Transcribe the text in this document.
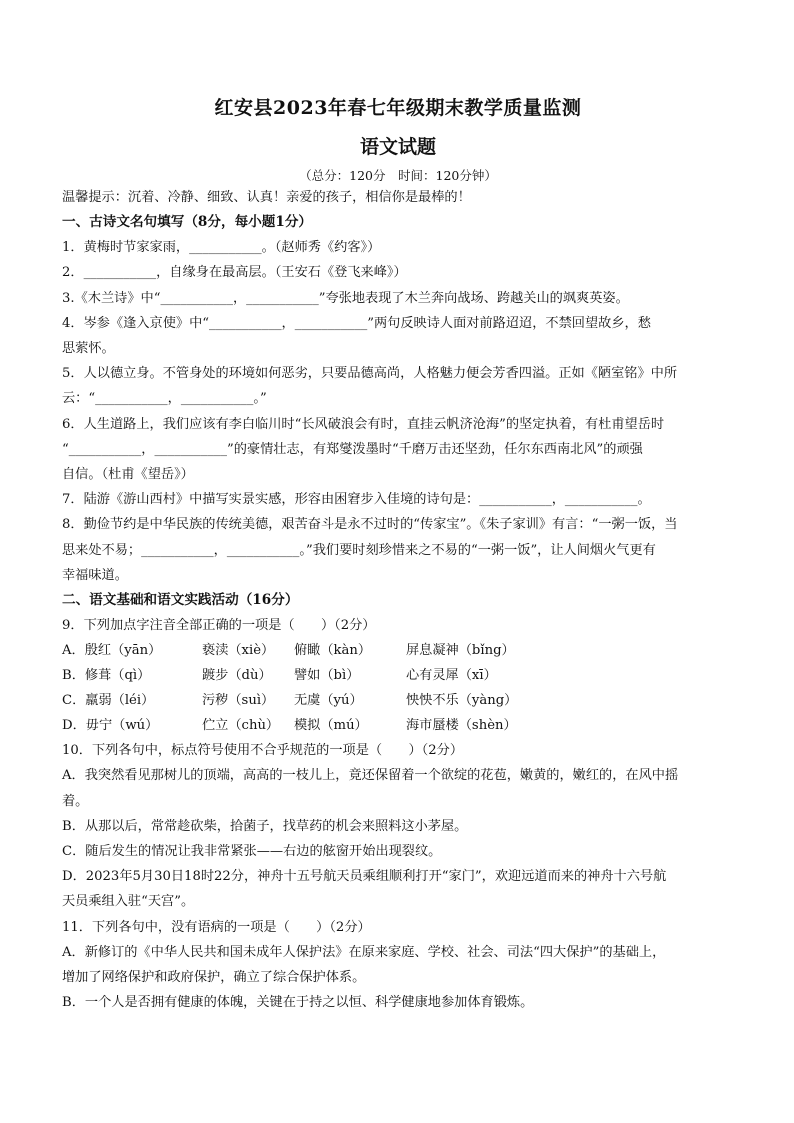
红安县2023年春七年级期末教学质量监测
语文试题
（总分：120分　时间：120分钟）
温馨提示：沉着、冷静、细致、认真！亲爱的孩子，相信你是最棒的！
一、古诗文名句填写（8分，每小题1分）
1．黄梅时节家家雨，___________。（赵师秀《约客》）
2．___________，自缘身在最高层。（王安石《登飞来峰》）
3.《木兰诗》中“___________，___________”夸张地表现了木兰奔向战场、跨越关山的飒爽英姿。
4．岑参《逢入京使》中“___________，___________”两句反映诗人面对前路迢迢，不禁回望故乡，愁
思萦怀。
5．人以德立身。不管身处的环境如何恶劣，只要品德高尚，人格魅力便会芳香四溢。正如《陋室铭》中所
云：“___________，___________。”
6．人生道路上，我们应该有李白临川时“长风破浪会有时，直挂云帆济沧海”的坚定执着，有杜甫望岳时
“___________，___________”的豪情壮志，有郑燮泼墨时“千磨万击还坚劲，任尔东西南北风”的顽强
自信。（杜甫《望岳》）
7．陆游《游山西村》中描写实景实感，形容由困窘步入佳境的诗句是：___________，___________。
8．勤俭节约是中华民族的传统美德，艰苦奋斗是永不过时的“传家宝”。《朱子家训》有言：“一粥一饭，当
思来处不易；___________，___________。”我们要时刻珍惜来之不易的“一粥一饭”，让人间烟火气更有
幸福味道。
二、语文基础和语文实践活动（16分）
9．下列加点字注音全部正确的一项是（　　）（2分）
A．殷红（yān）	亵渎（xiè）	俯瞰（kàn）	屏息凝神（bǐng）
B．修葺（qì）	踱步（dù）	譬如（bì）	心有灵犀（xī）
C．羸弱（léi）	污秽（suì）	无虞（yú）	怏怏不乐（yàng）
D．毋宁（wú）	伫立（chù）	模拟（mú）	海市蜃楼（shèn）
10．下列各句中，标点符号使用不合乎规范的一项是（　　）（2分）
A．我突然看见那树儿的顶端，高高的一枝儿上，竟还保留着一个欲绽的花苞，嫩黄的，嫩红的，在风中摇
着。
B．从那以后，常常趁砍柴，拾菌子，找草药的机会来照料这小茅屋。
C．随后发生的情况让我非常紧张——右边的舷窗开始出现裂纹。
D．2023年5月30日18时22分，神舟十五号航天员乘组顺利打开“家门”，欢迎远道而来的神舟十六号航
天员乘组入驻“天宫”。
11．下列各句中，没有语病的一项是（　　）（2分）
A．新修订的《中华人民共和国未成年人保护法》在原来家庭、学校、社会、司法“四大保护”的基础上，
增加了网络保护和政府保护，确立了综合保护体系。
B．一个人是否拥有健康的体魄，关键在于持之以恒、科学健康地参加体育锻炼。
